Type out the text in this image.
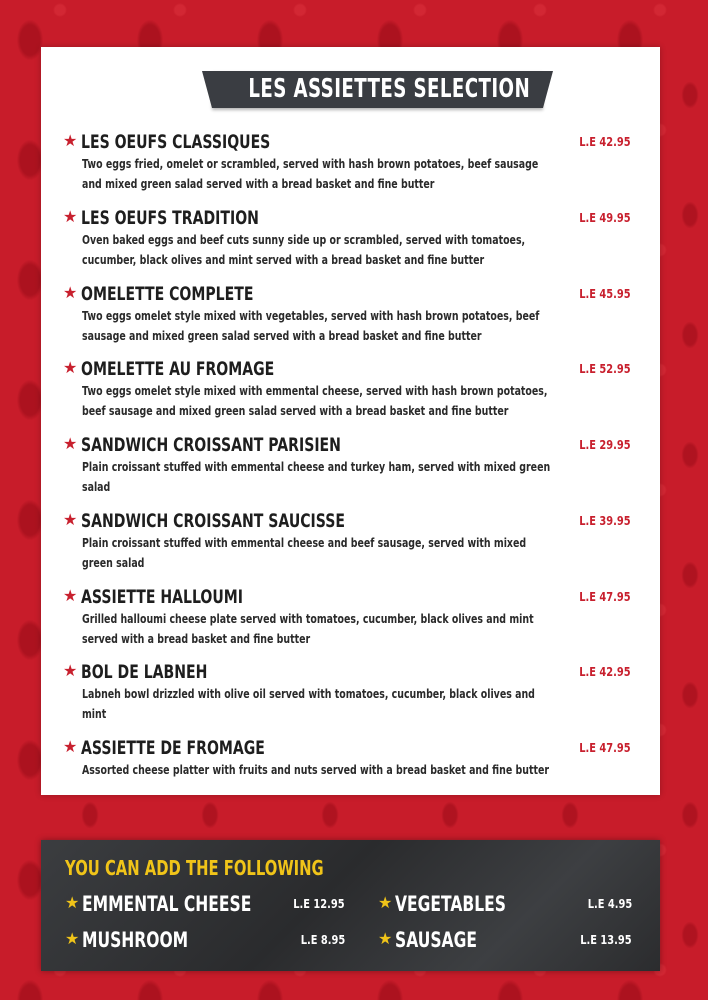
LES ASSIETTES SELECTION
★ LES OEUFS CLASSIQUES	L.E 42.95
Two eggs fried, omelet or scrambled, served with hash brown potatoes, beef sausage and mixed green salad served with a bread basket and fine butter
★ LES OEUFS TRADITION	L.E 49.95
Oven baked eggs and beef cuts sunny side up or scrambled, served with tomatoes, cucumber, black olives and mint served with a bread basket and fine butter
★ OMELETTE COMPLETE	L.E 45.95
Two eggs omelet style mixed with vegetables, served with hash brown potatoes, beef sausage and mixed green salad served with a bread basket and fine butter
★ OMELETTE AU FROMAGE	L.E 52.95
Two eggs omelet style mixed with emmental cheese, served with hash brown potatoes, beef sausage and mixed green salad served with a bread basket and fine butter
★ SANDWICH CROISSANT PARISIEN	L.E 29.95
Plain croissant stuffed with emmental cheese and turkey ham, served with mixed green salad
★ SANDWICH CROISSANT SAUCISSE	L.E 39.95
Plain croissant stuffed with emmental cheese and beef sausage, served with mixed green salad
★ ASSIETTE HALLOUMI	L.E 47.95
Grilled halloumi cheese plate served with tomatoes, cucumber, black olives and mint served with a bread basket and fine butter
★ BOL DE LABNEH	L.E 42.95
Labneh bowl drizzled with olive oil served with tomatoes, cucumber, black olives and mint
★ ASSIETTE DE FROMAGE	L.E 47.95
Assorted cheese platter with fruits and nuts served with a bread basket and fine butter
YOU CAN ADD THE FOLLOWING
★ EMMENTAL CHEESE	L.E 12.95 ★ VEGETABLES	L.E 4.95
★ MUSHROOM	L.E 8.95 ★ SAUSAGE	L.E 13.95
